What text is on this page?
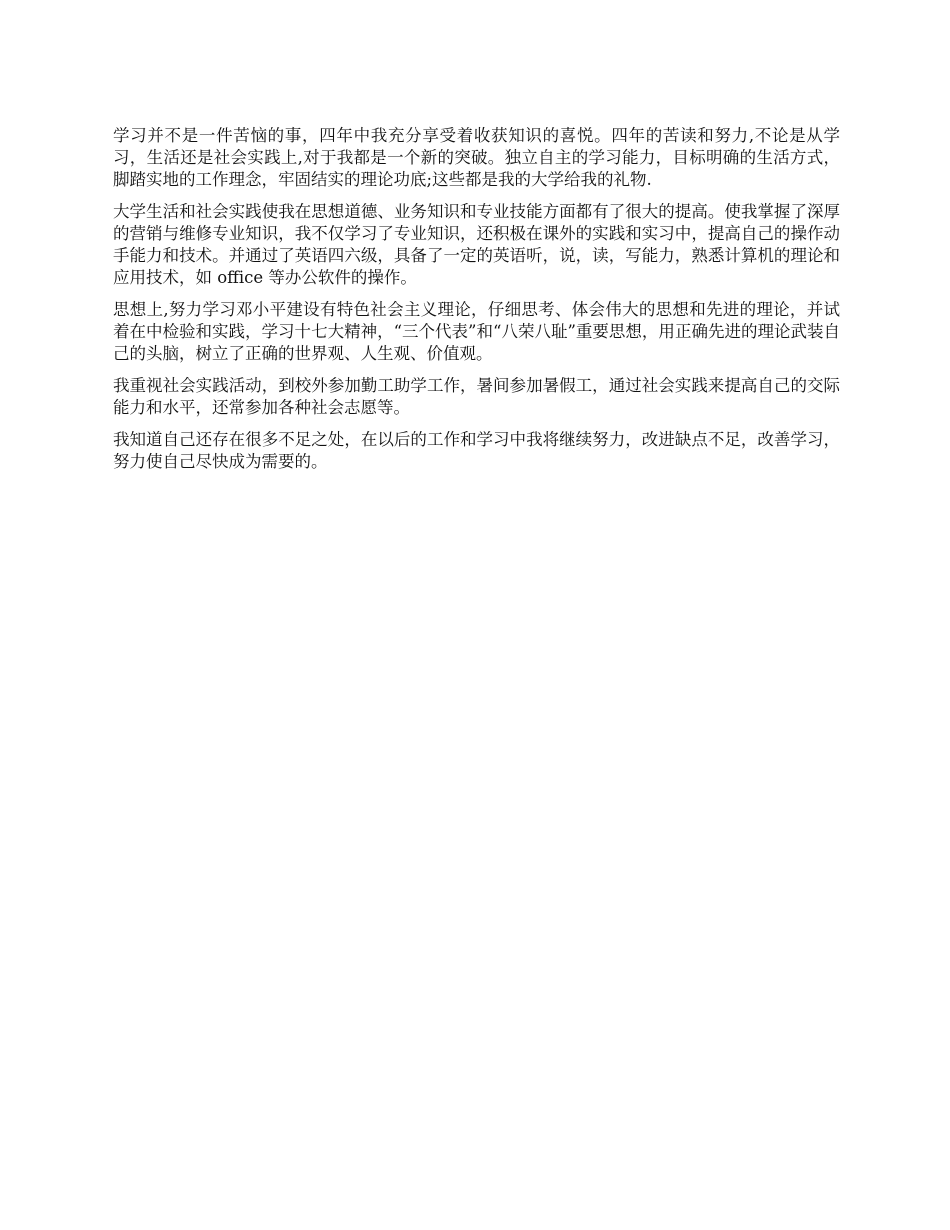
学习并不是一件苦恼的事，四年中我充分享受着收获知识的喜悦。四年的苦读和努力,不论是从学习，生活还是社会实践上,对于我都是一个新的突破。独立自主的学习能力，目标明确的生活方式，脚踏实地的工作理念，牢固结实的理论功底;这些都是我的大学给我的礼物.

大学生活和社会实践使我在思想道德、业务知识和专业技能方面都有了很大的提高。使我掌握了深厚的营销与维修专业知识，我不仅学习了专业知识，还积极在课外的实践和实习中，提高自己的操作动手能力和技术。并通过了英语四六级，具备了一定的英语听，说，读，写能力，熟悉计算机的理论和应用技术，如 office 等办公软件的操作。

思想上,努力学习邓小平建设有特色社会主义理论，仔细思考、体会伟大的思想和先进的理论，并试着在中检验和实践，学习十七大精神，“三个代表”和“八荣八耻”重要思想，用正确先进的理论武装自己的头脑，树立了正确的世界观、人生观、价值观。

我重视社会实践活动，到校外参加勤工助学工作，暑间参加暑假工，通过社会实践来提高自己的交际能力和水平，还常参加各种社会志愿等。

我知道自己还存在很多不足之处，在以后的工作和学习中我将继续努力，改进缺点不足，改善学习，努力使自己尽快成为需要的。
